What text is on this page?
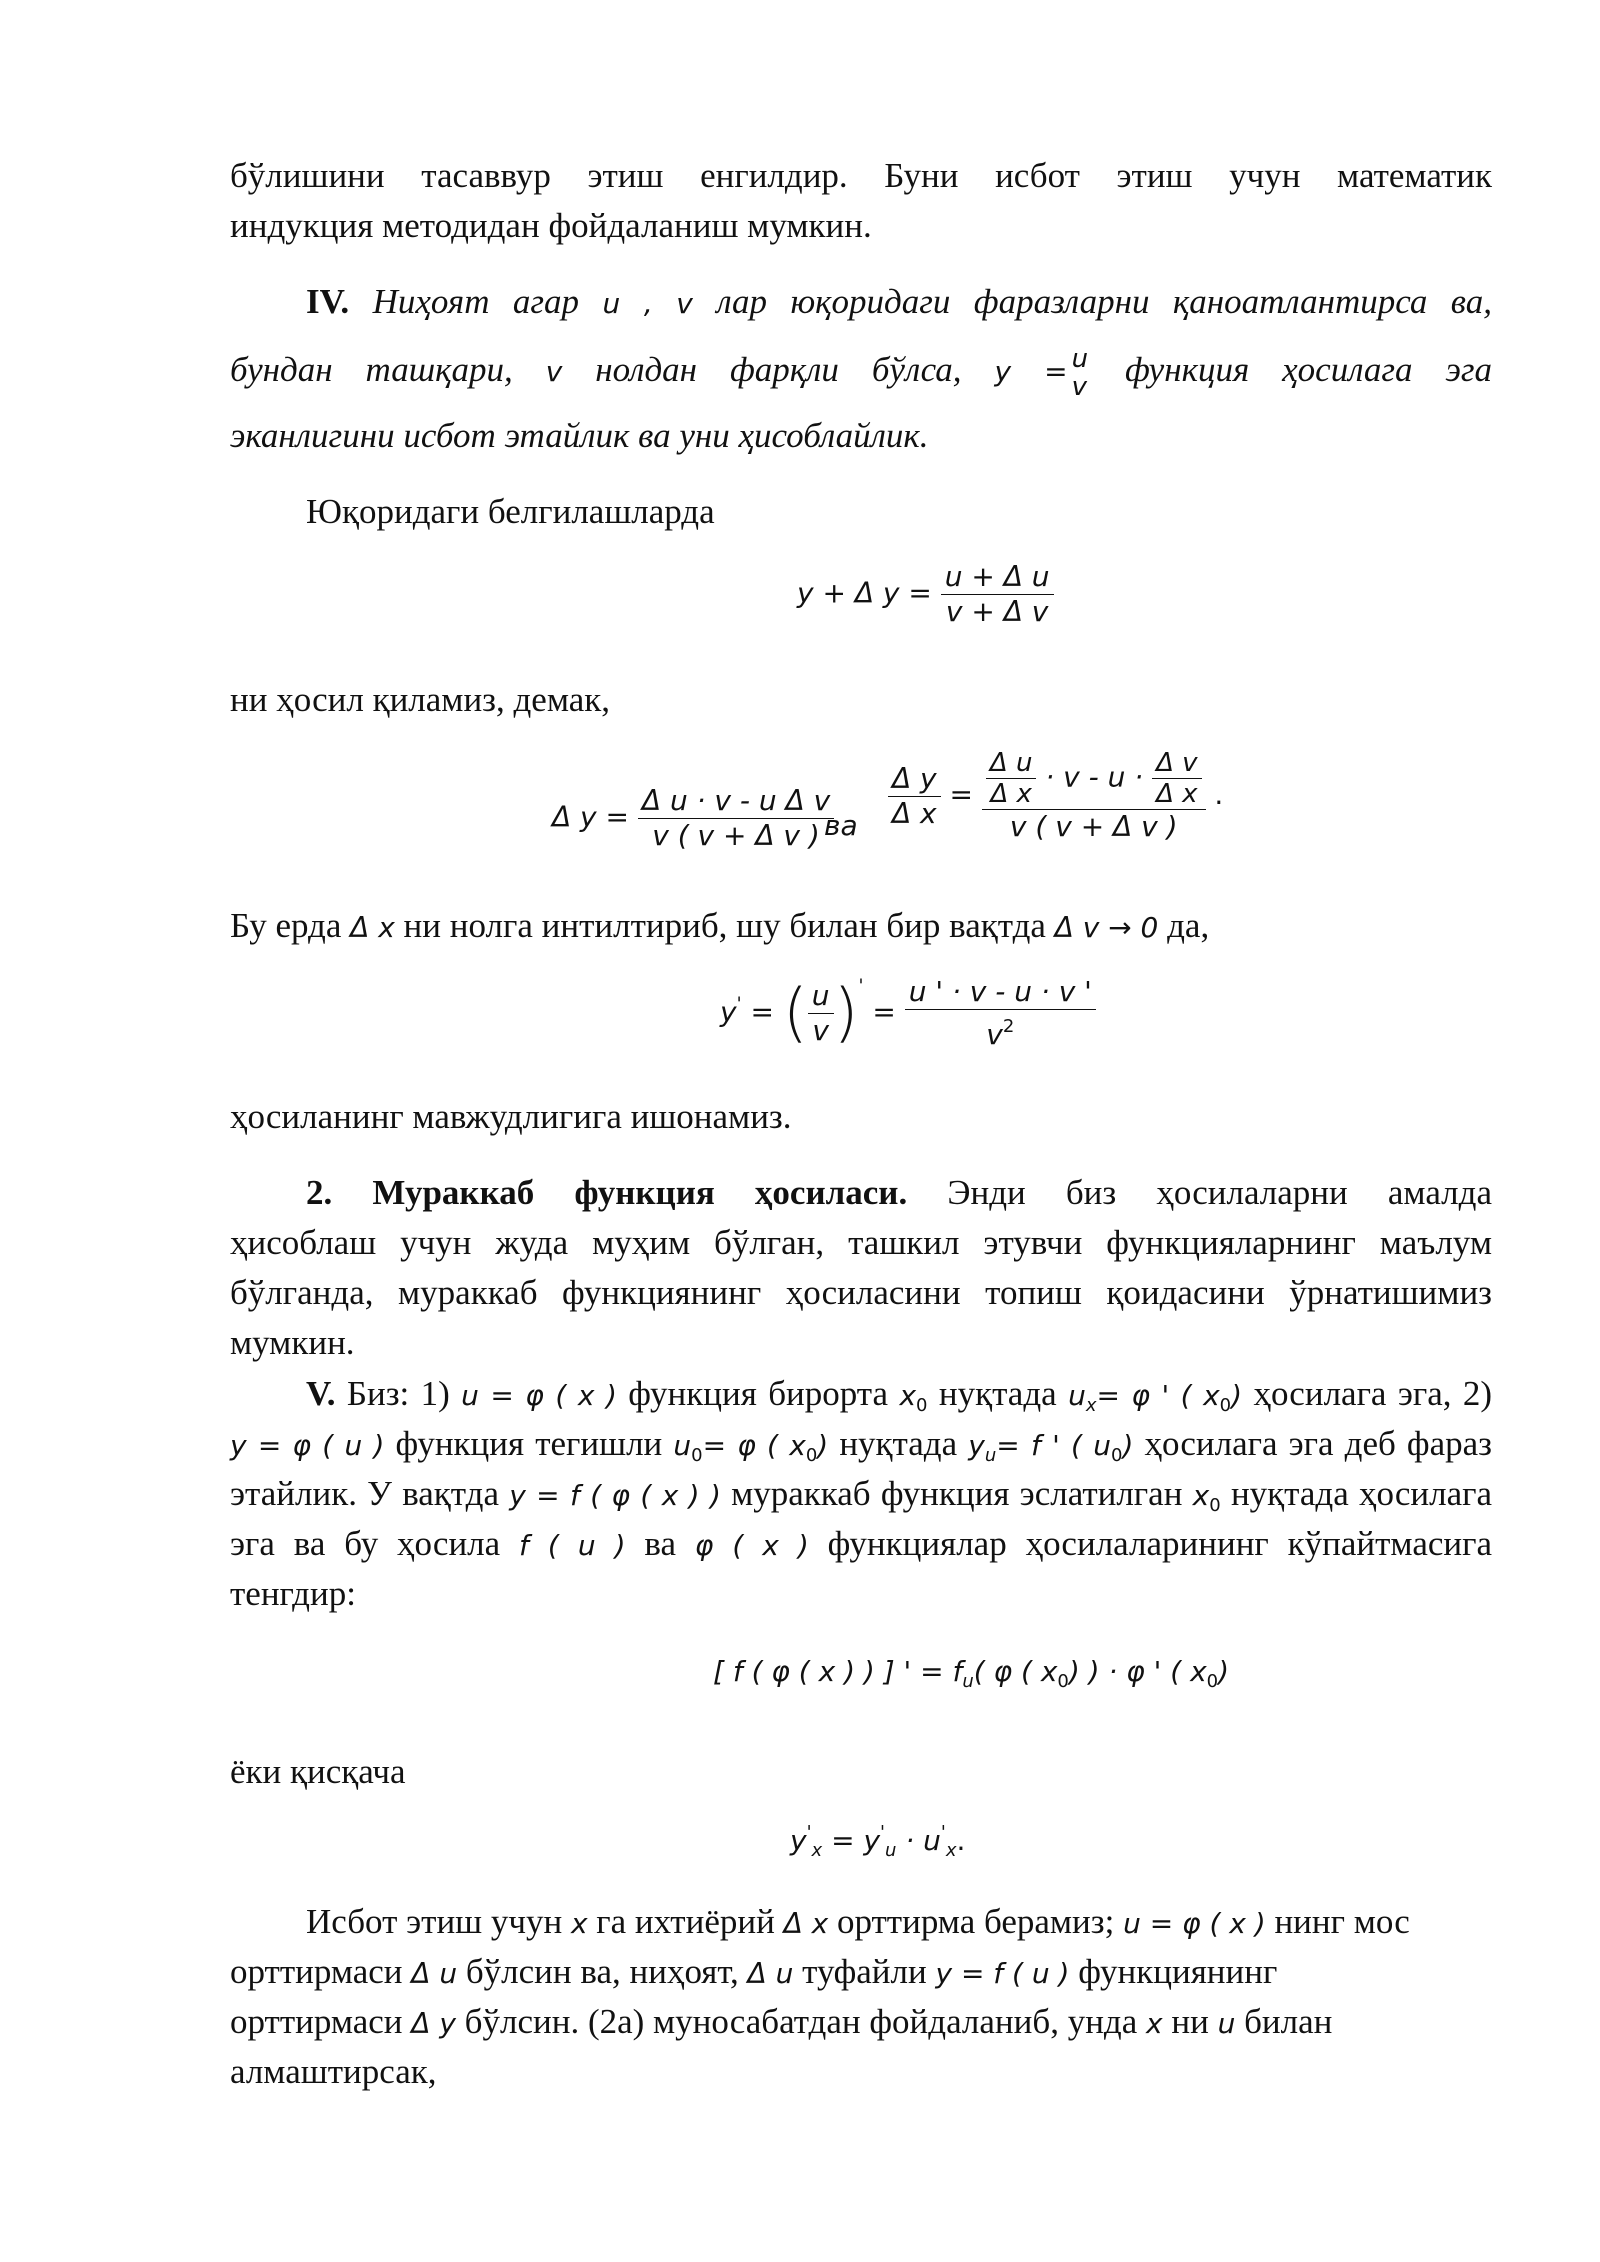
бўлишини тасаввур этиш енгилдир. Буни исбот этиш учун математик
индукция методидан фойдаланиш мумкин.
IV. Ниҳоят агар u , v лар юқоридаги фаразларни қаноатлантирса ва,
бундан ташқари, v нолдан фарқли бўлса, y = u
v функция ҳосилага эга
эканлигини исбот этайлик ва уни ҳисоблайлик.
Юқоридаги белгилашларда
y + Δ $y = \frac{\text{u + Δ u}}{\text{v + Δ v}}$
ни ҳосил қиламиз, демак,
Δ $y = \frac{\text{Δ u · v - u Δ v}}{\text{v ( v + Δ v )}}$
ва $\frac{\text{Δ y}}{\text{Δ x}} = \frac{\frac{\text{Δ u}}{\text{Δ x}} \cdot v - u \cdot \frac{\text{Δ v}}{\text{Δ x}}}{\text{v ( v + Δ v )}}$ .
Бу ерда Δ x ни нолга интилтириб, шу билан бир вақтда Δ v → 0 да,
y' = ( $\frac{u}{v} )' = \frac{u ' \cdot v - u \cdot v '}{v^2}$
ҳосиланинг мавжудлигига ишонамиз.
2. Мураккаб функция ҳосиласи. Энди биз ҳосилаларни амалда
ҳисоблаш учун жуда муҳим бўлган, ташкил этувчи функцияларнинг маълум
бўлганда, мураккаб функциянинг ҳосиласини топиш қоидасини ўрнатишимиз
мумкин.
V. Биз: 1) u = φ ( x ) функция бирорта $x_0$ нуқтада $u_x= \varphi$ ' ( $x_0$) ҳосилага эга, 2)
y = φ ( u ) функция тегишли $u_0= \varphi$ ( $x_0$) нуқтада $y_u= f$ ' ( $u_0$) ҳосилага эга деб фараз
этайлик. У вақтда y = f ( φ ( x ) ) мураккаб функция эслатилган $x_0$ нуқтада ҳосилага
эга ва бу ҳосила f ( u ) ва φ ( x ) функциялар ҳосилаларининг кўпайтмасига
тенгдир:
[ f ( φ ( x ) ) ] ' = $f_u$( φ ( $x_0$) ) · φ ' ( $x_0$)
ёки қисқача
$y'_x = y'_u \cdot u'_x$.
Исбот этиш учун x га ихтиёрий Δ x орттирма берамиз; u = φ ( x ) нинг мос
орттирмаси Δ u бўлсин ва, ниҳоят, Δ u туфайли y = f ( u ) функциянинг
орттирмаси Δ y бўлсин. (2а) муносабатдан фойдаланиб, унда x ни u билан
алмаштирсак,
